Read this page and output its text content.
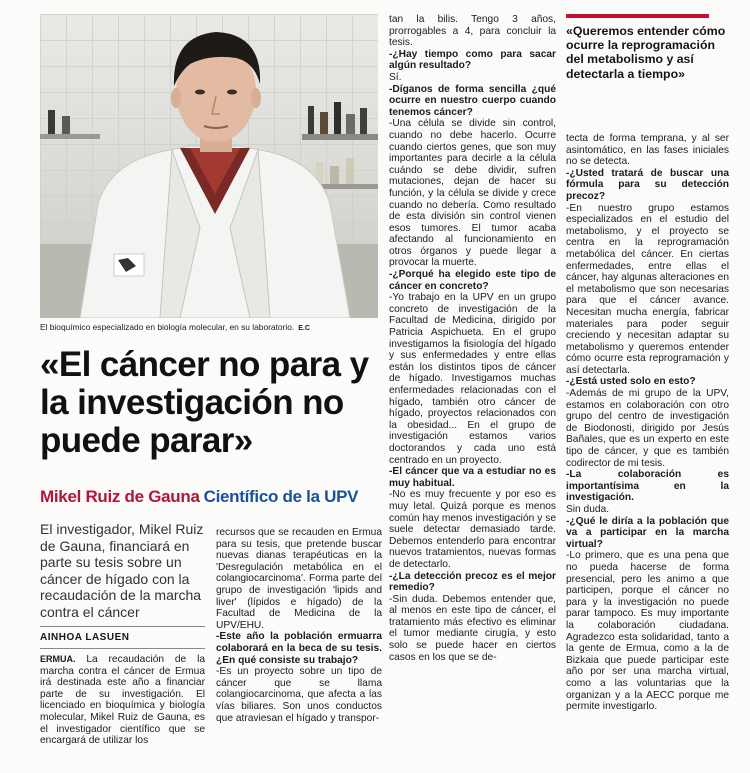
El bioquímico especializado en biología molecular, en su laboratorio. E.C
«El cáncer no para y la investigación no puede parar»
Mikel Ruiz de Gauna Científico de la UPV
El investigador, Mikel Ruiz de Gauna, financiará en parte su tesis sobre un cáncer de hígado con la recaudación de la marcha contra el cáncer
AINHOA LASUEN

ERMUA. La recaudación de la marcha contra el cáncer de Ermua irá destinada este año a financiar parte de su investigación. El licenciado en bioquímica y biología molecular, Mikel Ruiz de Gauna, es el investigador científico que se encargará de utilizar los

recursos que se recauden en Ermua para su tesis, que pretende buscar nuevas dianas terapéuticas en la 'Desregulación metabólica en el colangiocarcinoma'. Forma parte del grupo de investigación 'lipids and liver' (lípidos e hígado) de la Facultad de Medicina de la UPV/EHU.

-Este año la población ermuarra colaborará en la beca de su tesis. ¿En qué consiste su trabajo?

-Es un proyecto sobre un tipo de cáncer que se llama colangiocarcinoma, que afecta a las vías biliares. Son unos conductos que atraviesan el hígado y transpor-

tan la bilis. Tengo 3 años, prorrogables a 4, para concluir la tesis.

-¿Hay tiempo como para sacar algún resultado?

Sí.

-Díganos de forma sencilla ¿qué ocurre en nuestro cuerpo cuando tenemos cáncer?

-Una célula se divide sin control, cuando no debe hacerlo. Ocurre cuando ciertos genes, que son muy importantes para decirle a la célula cuándo se debe dividir, sufren mutaciones, dejan de hacer su función, y la célula se divide y crece cuando no debería. Como resultado de esta división sin control vienen esos tumores. El tumor acaba afectando al funcionamiento en otros órganos y puede llegar a provocar la muerte.

-¿Porqué ha elegido este tipo de cáncer en concreto?

-Yo trabajo en la UPV en un grupo concreto de investigación de la Facultad de Medicina, dirigido por Patricia Aspichueta. En el grupo investigamos la fisiología del hígado y sus enfermedades y entre ellas están los distintos tipos de cáncer de hígado. Investigamos muchas enfermedades relacionadas con el hígado, también otro cáncer de hígado, proyectos relacionados con la obesidad... En el grupo de investigación estamos varios doctorandos y cada uno está centrado en un proyecto.

-El cáncer que va a estudiar no es muy habitual.

-No es muy frecuente y por eso es muy letal. Quizá porque es menos común hay menos investigación y se suele detectar demasiado tarde. Debemos entenderlo para encontrar nuevos tratamientos, nuevas formas de detectarlo.

-¿La detección precoz es el mejor remedio?

-Sin duda. Debemos entender que, al menos en este tipo de cáncer, el tratamiento más efectivo es eliminar el tumor mediante cirugía, y esto solo se puede hacer en ciertos casos en los que se de-

«Queremos entender cómo ocurre la reprogramación del metabolismo y así detectarla a tiempo»

tecta de forma temprana, y al ser asintomático, en las fases iniciales no se detecta.

-¿Usted tratará de buscar una fórmula para su detección precoz?

-En nuestro grupo estamos especializados en el estudio del metabolismo, y el proyecto se centra en la reprogramación metabólica del cáncer. En ciertas enfermedades, entre ellas el cáncer, hay algunas alteraciones en el metabolismo que son necesarias para que el cáncer avance. Necesitan mucha energía, fabricar materiales para poder seguir creciendo y necesitan adaptar su metabolismo y queremos entender cómo ocurre esta reprogramación y así detectarla.

-¿Está usted solo en esto?

-Además de mi grupo de la UPV, estamos en colaboración con otro grupo del centro de investigación de Biodonosti, dirigido por Jesús Bañales, que es un experto en este tipo de cáncer, y que es también codirector de mi tesis.

-La colaboración es importantísima en la investigación.

Sin duda.

-¿Qué le diría a la población que va a participar en la marcha virtual?

-Lo primero, que es una pena que no pueda hacerse de forma presencial, pero les animo a que participen, porque el cáncer no para y la investigación no puede parar tampoco. Es muy importante la colaboración ciudadana. Agradezco esta solidaridad, tanto a la gente de Ermua, como a la de Bizkaia que puede participar este año por ser una marcha virtual, como a las voluntarias que la organizan y a la AECC porque me permite investigarlo.
